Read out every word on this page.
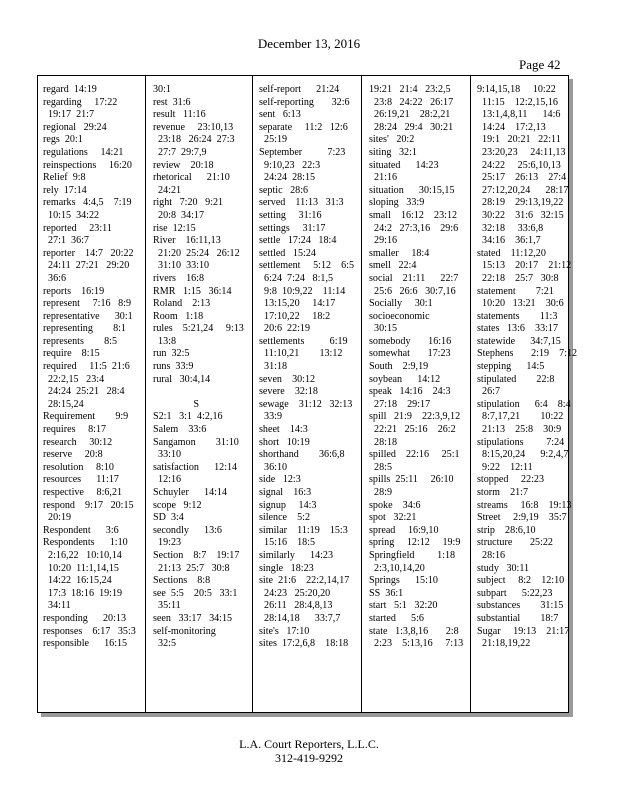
December 13, 2016
Page 42
regard  14:19
regarding     17:22
19:17  21:7
regional   29:24
regs  20:1
regulations     14:21
reinspections     16:20
Relief  9:8
rely  17:14
remarks   4:4,5    7:19
10:15  34:22
reported     23:11
27:1  36:7
reporter    14:7   20:22
24:11  27:21   29:20
36:6
reports    16:19
represent     7:16   8:9
representative      30:1
representing        8:1
represents        8:5
require    8:15
required     11:5  21:6
22:2,15   23:4
24:24  25:21   28:4
28:15,24
Requirement        9:9
requires     8:17
research     30:12
reserve     20:8
resolution     8:10
resources      11:17
respective     8:6,21
respond    9:17   20:15
20:19
Respondent      3:6
Respondents      1:10
2:16,22   10:10,14
10:20  11:1,14,15
14:22  16:15,24
17:3  18:16  19:19
34:11
responding      20:13
responses    6:17   35:3
responsible      16:15
30:1
rest  31:6
result   11:16
revenue     23:10,13
23:18   26:24  27:3
27:7  29:7,9
review    20:18
rhetorical      21:10
24:21
right   7:20   9:21
20:8  34:17
rise  12:15
River    16:11,13
21:20  25:24   26:12
31:10  33:10
rivers    16:8
RMR   1:15   36:14
Roland    2:13
Room   1:18
rules    5:21,24     9:13
13:8
run  32:5
runs  33:9
rural   30:4,14
S
S2:1   3:1  4:2,16
Salem    33:6
Sangamon        31:10
33:10
satisfaction      12:14
12:16
Schuyler      14:14
scope   9:12
SD  3:4
secondly      13:6
19:23
Section    8:7    19:17
21:13  25:7   30:8
Sections    8:8
see  5:5    20:5   33:1
35:11
seen   33:17   34:15
self-monitoring
32:5
self-report      21:24
self-reporting       32:6
sent   6:13
separate     11:2   12:6
25:19
September          7:23
9:10,23   22:3
24:24  28:15
septic   28:6
served    11:13   31:3
setting     31:16
settings     31:17
settle   17:24   18:4
settled   15:24
settlement     5:12    6:5
6:24  7:24   8:1,5
9:8  10:9,22    11:14
13:15,20     14:17
17:10,22     18:2
20:6  22:19
settlements          6:19
11:10,21        13:12
31:18
seven    30:12
severe    32:18
sewage    31:12   32:13
33:9
sheet    14:3
short   10:19
shorthand        36:6,8
36:10
side   12:3
signal    16:3
signup     14:3
silence    5:2
similar    11:19    15:3
15:16    18:5
similarly      14:23
single   18:23
site  21:6    22:2,14,17
24:23   25:20,20
26:11   28:4,8,13
28:14,18      33:7,7
site's   17:10
sites  17:2,6,8    18:18
19:21   21:4   23:2,5
23:8   24:22   26:17
26:19,21    28:2,21
28:24   29:4   30:21
sites'   20:2
siting   32:1
situated      14:23
21:16
situation      30:15,15
sloping   33:9
small    16:12    23:12
24:2   27:3,16    29:6
29:16
smaller     18:4
smell   22:4
social    21:11      22:7
25:6   26:6   30:7,16
Socially     30:1
socioeconomic
30:15
somebody       16:16
somewhat       17:23
South    2:9,19
soybean      14:12
speak   14:16    24:3
27:18    29:17
spill   21:9    22:3,9,12
22:21   25:16    26:2
28:18
spilled    22:16     25:1
28:5
spills  25:11     26:10
28:9
spoke    34:6
spot   32:21
spread     16:9,10
spring     12:12     19:9
Springfield         1:18
2:3,10,14,20
Springs      15:10
SS  36:1
start   5:1   32:20
started      5:6
state   1:3,8,16       2:8
2:23    5:13,16     7:13
9:14,15,18     10:22
11:15    12:2,15,16
13:1,4,8,11      14:6
14:24    17:2,13
19:1   20:21   22:11
23:20,23     24:11,13
24:22     25:6,10,13
25:17    26:13    27:4
27:12,20,24      28:17
28:19    29:13,19,22
30:22    31:6   32:15
32:18     33:6,8
34:16    36:1,7
stated    11:12,20
15:13    20:17    21:12
22:18    25:7   30:8
statement        7:21
10:20   13:21    30:6
statements        11:3
states   13:6    33:17
statewide      34:7,15
Stephens       2:19    7:12
stepping      14:5
stipulated        22:8
26:7
stipulation      6:4    8:4
8:7,17,21        10:22
21:13    25:8    30:9
stipulations         7:24
8:15,20,24      9:2,4,7
9:22    12:11
stopped     22:23
storm    21:7
streams     16:8    19:13
Street     2:9,19    35:7
strip    28:6,10
structure       25:22
28:16
study   30:11
subject     8:2    12:10
subpart      5:22,23
substances        31:15
substantial        18:7
Sugar     19:13    21:17
21:18,19,22
L.A. Court Reporters, L.L.C.
312-419-9292
